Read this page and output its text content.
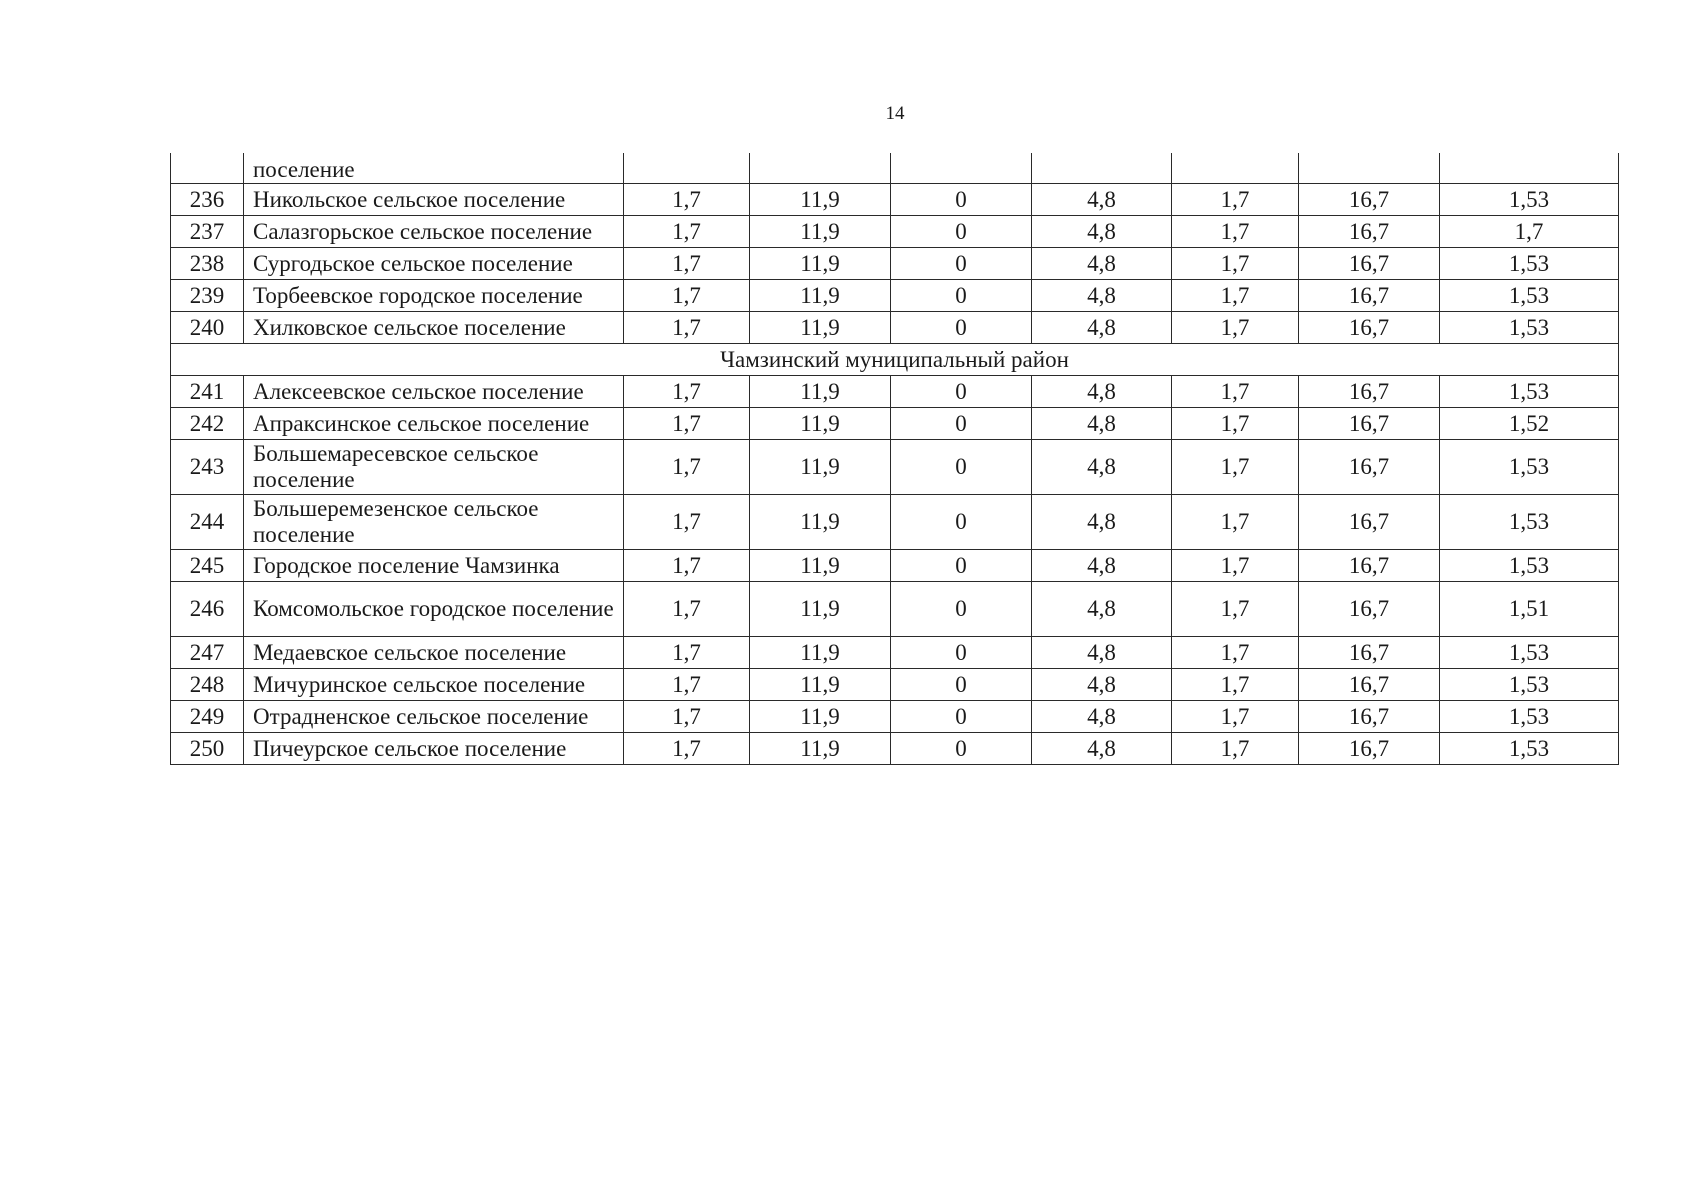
14
	поселение							
236	Никольское сельское поселение	1,7	11,9	0	4,8	1,7	16,7	1,53
237	Салазгорьское сельское поселение	1,7	11,9	0	4,8	1,7	16,7	1,7
238	Сургодьское сельское поселение	1,7	11,9	0	4,8	1,7	16,7	1,53
239	Торбеевское городское поселение	1,7	11,9	0	4,8	1,7	16,7	1,53
240	Хилковское сельское поселение	1,7	11,9	0	4,8	1,7	16,7	1,53
Чамзинский муниципальный район								
241	Алексеевское сельское поселение	1,7	11,9	0	4,8	1,7	16,7	1,53
242	Апраксинское сельское поселение	1,7	11,9	0	4,8	1,7	16,7	1,52
243	Большемаресевское сельское поселение	1,7	11,9	0	4,8	1,7	16,7	1,53
244	Большеремезенское сельское поселение	1,7	11,9	0	4,8	1,7	16,7	1,53
245	Городское поселение Чамзинка	1,7	11,9	0	4,8	1,7	16,7	1,53
246	Комсомольское городское поселение	1,7	11,9	0	4,8	1,7	16,7	1,51
247	Медаевское сельское поселение	1,7	11,9	0	4,8	1,7	16,7	1,53
248	Мичуринское сельское поселение	1,7	11,9	0	4,8	1,7	16,7	1,53
249	Отрадненское сельское поселение	1,7	11,9	0	4,8	1,7	16,7	1,53
250	Пичеурское сельское поселение	1,7	11,9	0	4,8	1,7	16,7	1,53
